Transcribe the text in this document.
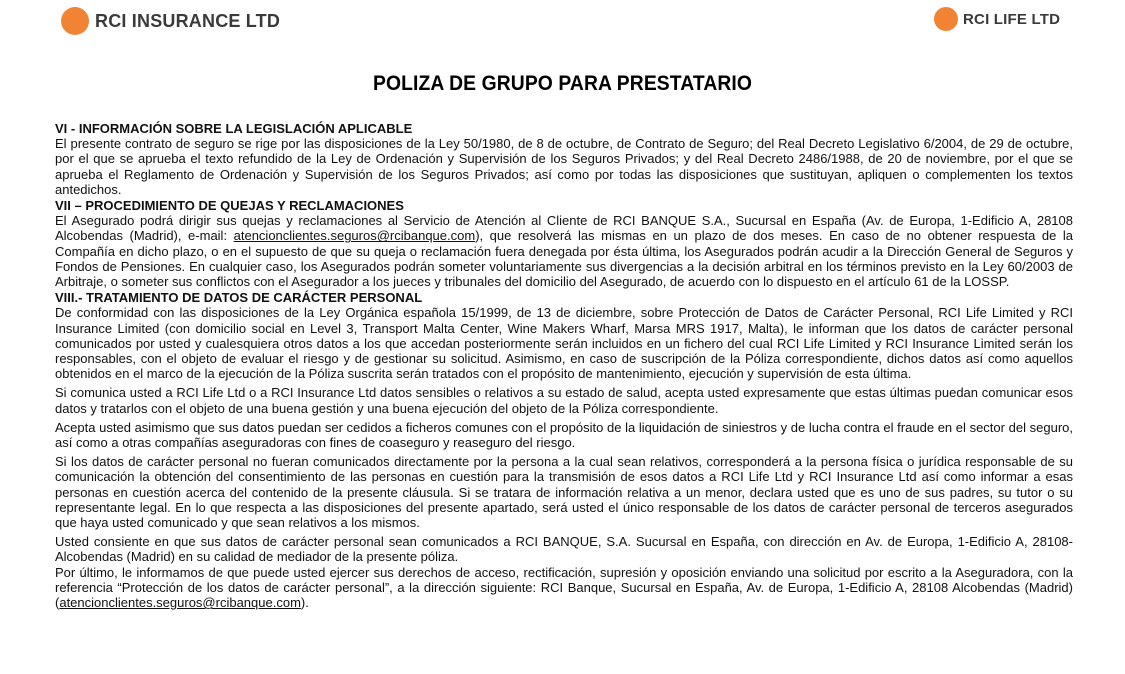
RCI INSURANCE LTD	RCI LIFE LTD
POLIZA DE GRUPO PARA PRESTATARIO
VI - INFORMACIÓN SOBRE LA LEGISLACIÓN APLICABLE

El presente contrato de seguro se rige por las disposiciones de la Ley 50/1980, de 8 de octubre, de Contrato de Seguro; del Real Decreto Legislativo 6/2004, de 29 de octubre, por el que se aprueba el texto refundido de la Ley de Ordenación y Supervisión de los Seguros Privados; y del Real Decreto 2486/1988, de 20 de noviembre, por el que se aprueba el Reglamento de Ordenación y Supervisión de los Seguros Privados; así como por todas las disposiciones que sustituyan, apliquen o complementen los textos antedichos.

VII – PROCEDIMIENTO DE QUEJAS Y RECLAMACIONES

El Asegurado podrá dirigir sus quejas y reclamaciones al Servicio de Atención al Cliente de RCI BANQUE S.A., Sucursal en España (Av. de Europa, 1-Edificio A, 28108 Alcobendas (Madrid), e-mail: atencionclientes.seguros@rcibanque.com), que resolverá las mismas en un plazo de dos meses. En caso de no obtener respuesta de la Compañía en dicho plazo, o en el supuesto de que su queja o reclamación fuera denegada por ésta última, los Asegurados podrán acudir a la Dirección General de Seguros y Fondos de Pensiones. En cualquier caso, los Asegurados podrán someter voluntariamente sus divergencias a la decisión arbitral en los términos previsto en la Ley 60/2003 de Arbitraje, o someter sus conflictos con el Asegurador a los jueces y tribunales del domicilio del Asegurado, de acuerdo con lo dispuesto en el artículo 61 de la LOSSP.

VIII.- TRATAMIENTO DE DATOS DE CARÁCTER PERSONAL

De conformidad con las disposiciones de la Ley Orgánica española 15/1999, de 13 de diciembre, sobre Protección de Datos de Carácter Personal, RCI Life Limited y RCI Insurance Limited (con domicilio social en Level 3, Transport Malta Center, Wine Makers Wharf, Marsa MRS 1917, Malta), le informan que los datos de carácter personal comunicados por usted y cualesquiera otros datos a los que accedan posteriormente serán incluidos en un fichero del cual RCI Life Limited y RCI Insurance Limited serán los responsables, con el objeto de evaluar el riesgo y de gestionar su solicitud. Asimismo, en caso de suscripción de la Póliza correspondiente, dichos datos así como aquellos obtenidos en el marco de la ejecución de la Póliza suscrita serán tratados con el propósito de mantenimiento, ejecución y supervisión de esta última.

Si comunica usted a RCI Life Ltd o a RCI Insurance Ltd datos sensibles o relativos a su estado de salud, acepta usted expresamente que estas últimas puedan comunicar esos datos y tratarlos con el objeto de una buena gestión y una buena ejecución del objeto de la Póliza correspondiente.

Acepta usted asimismo que sus datos puedan ser cedidos a ficheros comunes con el propósito de la liquidación de siniestros y de lucha contra el fraude en el sector del seguro, así como a otras compañías aseguradoras con fines de coaseguro y reaseguro del riesgo.

Si los datos de carácter personal no fueran comunicados directamente por la persona a la cual sean relativos, corresponderá a la persona física o jurídica responsable de su comunicación la obtención del consentimiento de las personas en cuestión para la transmisión de esos datos a RCI Life Ltd y RCI Insurance Ltd así como informar a esas personas en cuestión acerca del contenido de la presente cláusula. Si se tratara de información relativa a un menor, declara usted que es uno de sus padres, su tutor o su representante legal. En lo que respecta a las disposiciones del presente apartado, será usted el único responsable de los datos de carácter personal de terceros asegurados que haya usted comunicado y que sean relativos a los mismos.

Usted consiente en que sus datos de carácter personal sean comunicados a RCI BANQUE, S.A. Sucursal en España, con dirección en Av. de Europa, 1-Edificio A, 28108-Alcobendas (Madrid) en su calidad de mediador de la presente póliza.

Por último, le informamos de que puede usted ejercer sus derechos de acceso, rectificación, supresión y oposición enviando una solicitud por escrito a la Aseguradora, con la referencia “Protección de los datos de carácter personal”, a la dirección siguiente: RCI Banque, Sucursal en España, Av. de Europa, 1-Edificio A, 28108 Alcobendas (Madrid) (atencionclientes.seguros@rcibanque.com).
